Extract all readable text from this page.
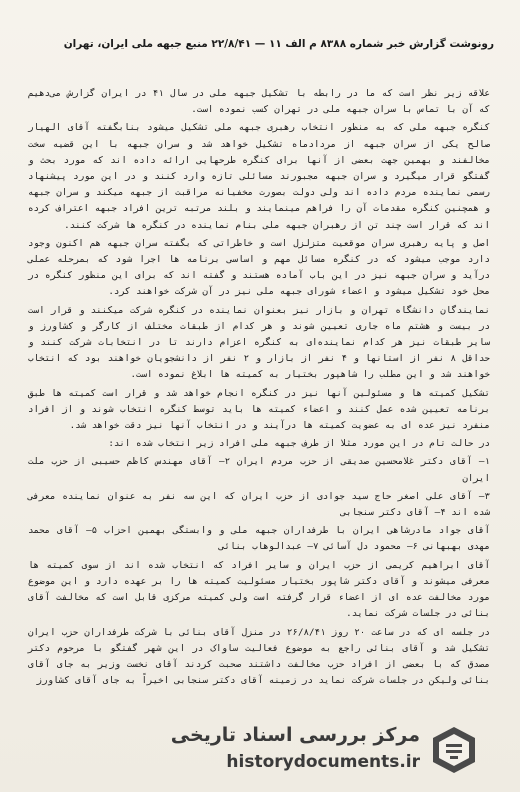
رونوشت گزارش خبر شماره ۸۳۸۸ م الف ۱۱ — ۲۲/۸/۴۱ منبع جبهه ملی ایران، تهران

علاقه زیر نظر است که ما در رابطه با تشکیل جبهه ملی در سال ۴۱ در ایران گزارش می‌دهیم که آن با تماس با سران جبهه ملی در تهران کسب نموده است.

کنگره جبهه ملی که به منظور انتخاب رهبری جبهه ملی تشکیل میشود بنابگفته آقای الهیار صالح یکی از سران جبهه از مردادماه تشکیل خواهد شد و سران جبهه با این قضیه سخت مخالفند و بهمین جهت بعضی از آنها برای کنگره طرحهایی ارائه داده اند که مورد بحث و گفتگو قرار میگیرد و سران جبهه مجبورند مسائلی تازه وارد کنند و در این مورد پیشنهاد رسمی نماینده مردم داده اند ولی دولت بصورت مخفیانه مراقبت از جبهه میکند و سران جبهه و همچنین کنگره مقدمات آن را فراهم مینمایند و بلند مرتبه ترین افراد جبهه اعتراف کرده اند که قرار است چند تن از رهبران جبهه ملی بنام نماینده در کنگره ها شرکت کنند.

اصل و پایه رهبری سران موقعیت متزلزل است و خاطراتی که بگفته سران جبهه هم اکنون وجود دارد موجب میشود که در کنگره مسائل مهم و اساسی برنامه ها اجرا شود که بمرحله عملی درآید و سران جبهه نیز در این باب آماده هستند و گفته اند که برای این منظور کنگره در محل خود تشکیل میشود و اعضاء شورای جبهه ملی نیز در آن شرکت خواهند کرد.

نمایندگان دانشگاه تهران و بازار نیز بعنوان نماینده در کنگره شرکت میکنند و قرار است در بیست و هشتم ماه جاری تعیین شوند و هر کدام از طبقات مختلف از کارگر و کشاورز و سایر طبقات نیز هر کدام نماینده‌ای به کنگره اعزام دارند تا در انتخابات شرکت کنند و حداقل ۸ نفر از استانها و ۴ نفر از بازار و ۲ نفر از دانشجویان خواهند بود که انتخاب خواهند شد و این مطلب را شاهپور بختیار به کمیته ها ابلاغ نموده است.

تشکیل کمیته ها و مسئولین آنها نیز در کنگره انجام خواهد شد و قرار است کمیته ها طبق برنامه تعیین شده عمل کنند و اعضاء کمیته ها باید توسط کنگره انتخاب شوند و از افراد منفرد نیز عده ای به عضویت کمیته ها درآیند و در انتخاب آنها نیز دقت خواهد شد.

در حالت تام در این مورد مثلا از طرف جبهه ملی افراد زیر انتخاب شده اند:

۱— آقای دکتر غلامحسین صدیقی از حزب مردم ایران ۲— آقای مهندس کاظم حسیبی از حزب ملت ایران
۳— آقای علی اصغر حاج سید جوادی از حزب ایران که این سه نفر به عنوان نماینده معرفی شده اند ۴— آقای دکتر سنجابی
آقای جواد مادرشاهی ایران با طرفداران جبهه ملی و وابستگی بهمین احزاب ۵— آقای محمد مهدی بهبهانی ۶— محمود دل آسائی ۷— عبدالوهاب بنائی
آقای ابراهیم کریمی از حزب ایران و سایر افراد که انتخاب شده اند از سوی کمیته ها معرفی میشوند و آقای دکتر شاپور بختیار مسئولیت کمیته ها را بر عهده دارد و این موضوع مورد مخالفت عده ای از اعضاء قرار گرفته است ولی کمیته مرکزی قابل است که مخالفت آقای بنائی در جلسات شرکت نماید.

در جلسه ای که در ساعت ۲۰ روز ۲۶/۸/۴۱ در منزل آقای بنائی با شرکت طرفداران حزب ایران تشکیل شد و آقای بنائی راجع به موضوع فعالیت ساواک در این شهر گفتگو با مرحوم دکتر مصدق که با بعضی از افراد حزب مخالفت داشتند صحبت کردند آقای نخست وزیر به جای آقای بنائی ولیکن در جلسات شرکت نماید در زمینه آقای دکتر سنجابی اخیراً به جای آقای کشاورز

مرکز بررسی اسناد تاریخی
historydocuments.ir
